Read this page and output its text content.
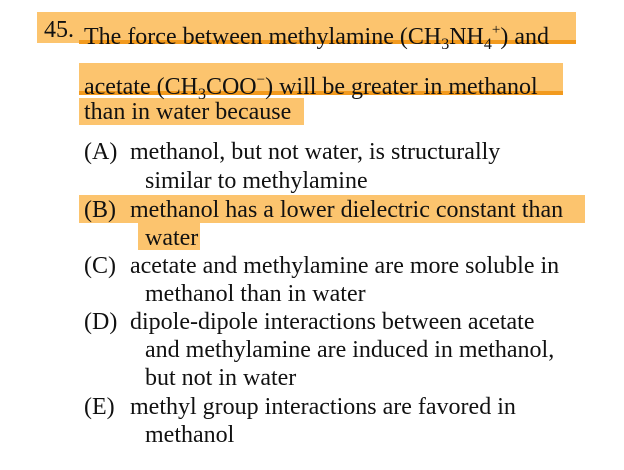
45. The force between methylamine $(CH_3NH_4^+)$ and
acetate $(CH_3COO^-)$ will be greater in methanol
than in water because
(A) methanol, but not water, is structurally
similar to methylamine
(B) methanol has a lower dielectric constant than
water
(C) acetate and methylamine are more soluble in
methanol than in water
(D) dipole-dipole interactions between acetate
and methylamine are induced in methanol,
but not in water
(E) methyl group interactions are favored in
methanol
